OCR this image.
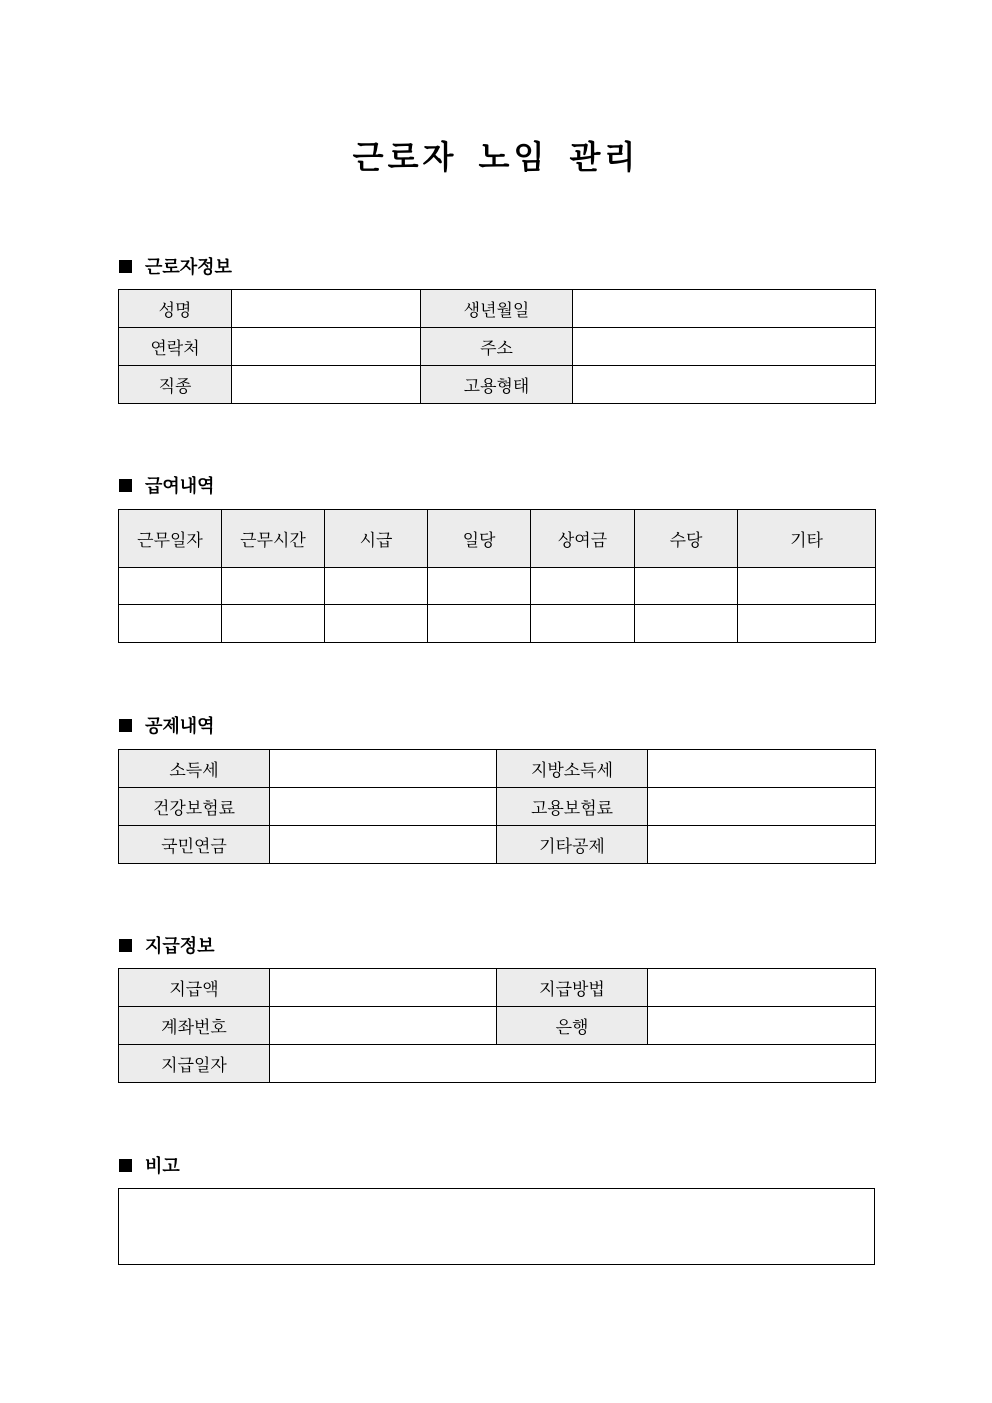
근로자 노임 관리
근로자정보
성명		생년월일	
연락처		주소	
직종		고용형태	
급여내역
근무일자	근무시간	시급	일당	상여금	수당	기타

공제내역
소득세		지방소득세	
건강보험료		고용보험료	
국민연금		기타공제	
지급정보
지급액		지급방법	
계좌번호		은행	
지급일자			
비고
